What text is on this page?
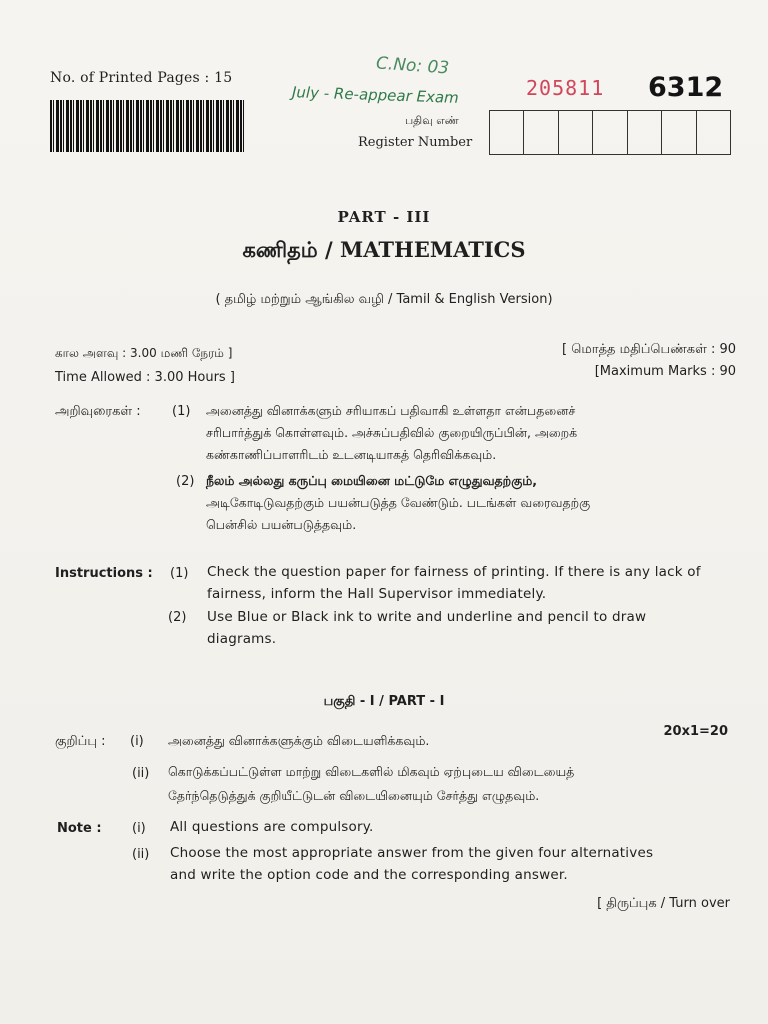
No. of Printed Pages : 15	C.No: 03
July - Re-appear Exam	205811 6312
பதிவு எண்
Register Number
PART - III
கணிதம் / MATHEMATICS
( தமிழ் மற்றும் ஆங்கில வழி / Tamil & English Version)
கால அளவு : 3.00 மணி நேரம் ]
Time Allowed : 3.00 Hours ]
[ மொத்த மதிப்பெண்கள் : 90
[Maximum Marks : 90
அறிவுரைகள் : (1) அனைத்து வினாக்களும் சரியாகப் பதிவாகி உள்ளதா என்பதனைச்
சரிபார்த்துக் கொள்ளவும். அச்சுப்பதிவில் குறையிருப்பின், அறைக்
கண்காணிப்பாளரிடம் உடனடியாகத் தெரிவிக்கவும்.
(2) நீலம் அல்லது கருப்பு மையினை மட்டுமே எழுதுவதற்கும்,
அடிகோடிடுவதற்கும் பயன்படுத்த வேண்டும். படங்கள் வரைவதற்கு
பென்சில் பயன்படுத்தவும்.
Instructions : (1) Check the question paper for fairness of printing. If there is any lack of
fairness, inform the Hall Supervisor immediately.
(2) Use Blue or Black ink to write and underline and pencil to draw
diagrams.
பகுதி - I / PART - I
குறிப்பு : (i) அனைத்து வினாக்களுக்கும் விடையளிக்கவும்.
20x1=20
(ii) கொடுக்கப்பட்டுள்ள மாற்று விடைகளில் மிகவும் ஏற்புடைய விடையைத்
தேர்ந்தெடுத்துக் குறியீட்டுடன் விடையினையும் சேர்த்து எழுதவும்.
Note : (i) All questions are compulsory.
(ii) Choose the most appropriate answer from the given four alternatives
and write the option code and the corresponding answer.
[ திருப்புக / Turn over
